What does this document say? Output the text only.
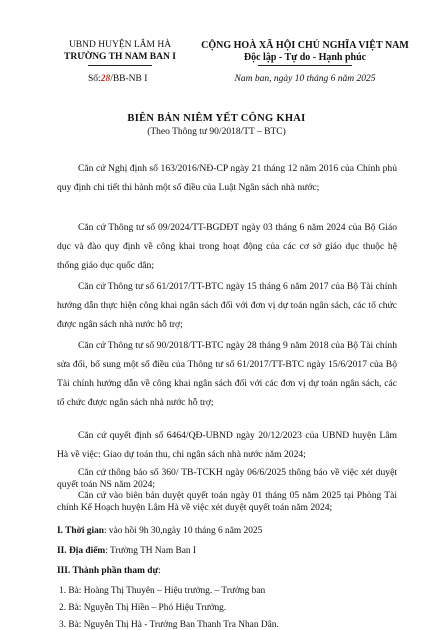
UBND HUYỆN LÂM HÀ
TRƯỜNG TH NAM BAN I
Số:28/BB-NB I
CỘNG HOÀ XÃ HỘI CHỦ NGHĨA VIỆT NAM
Độc lập - Tự do - Hạnh phúc
Nam ban, ngày 10 tháng 6 năm 2025
BIÊN BẢN NIÊM YẾT CÔNG KHAI
(Theo Thông tư 90/2018/TT – BTC)
Căn cứ Nghị định số 163/2016/NĐ-CP ngày 21 tháng 12 năm 2016 của Chính phủ quy định chi tiết thi hành một số điều của Luật Ngân sách nhà nước;
Căn cứ Thông tư số 09/2024/TT-BGDĐT ngày 03 tháng 6 năm 2024 của Bộ Giáo dục và đào quy định về công khai trong hoạt động của các cơ sở giáo dục thuộc hệ thống giáo dục quốc dân;
Căn cứ Thông tư số 61/2017/TT-BTC ngày 15 tháng 6 năm 2017 của Bộ Tài chính hướng dẫn thực hiện công khai ngân sách đối với đơn vị dự toán ngân sách, các tổ chức được ngân sách nhà nước hỗ trợ;
Căn cứ Thông tư số 90/2018/TT-BTC ngày 28 tháng 9 năm 2018 của Bộ Tài chính sửa đổi, bổ sung một số điều của Thông tư số 61/2017/TT-BTC ngày 15/6/2017 của Bộ Tài chính hướng dẫn về công khai ngân sách đối với các đơn vị dự toán ngân sách, các tổ chức được ngân sách nhà nước hỗ trợ;
Căn cứ quyết định số 6464/QĐ-UBND ngày 20/12/2023 của UBND huyện Lâm Hà về việc: Giao dự toán thu, chi ngân sách nhà nước năm 2024;
Căn cứ thông báo số 360/ TB-TCKH ngày 06/6/2025 thông báo về việc xét duyệt quyết toán NS năm 2024;
Căn cứ vào biên bản duyệt quyết toán ngày 01 tháng 05 năm 2025 tại Phòng Tài chính Kế Hoạch huyện Lâm Hà về việc xét duyệt quyết toán năm 2024;
I. Thời gian: vào hồi 9h 30,ngày 10 tháng 6 năm 2025
II. Địa điểm: Trường TH Nam Ban I
III. Thành phần tham dự:
1. Bà: Hoàng Thị Thuyên – Hiệu trưởng. – Trưởng ban
2. Bà: Nguyễn Thị Hiền – Phó Hiệu Trưởng.
3. Bà: Nguyễn Thị Hà - Trưởng Ban Thanh Tra Nhan Dân.
